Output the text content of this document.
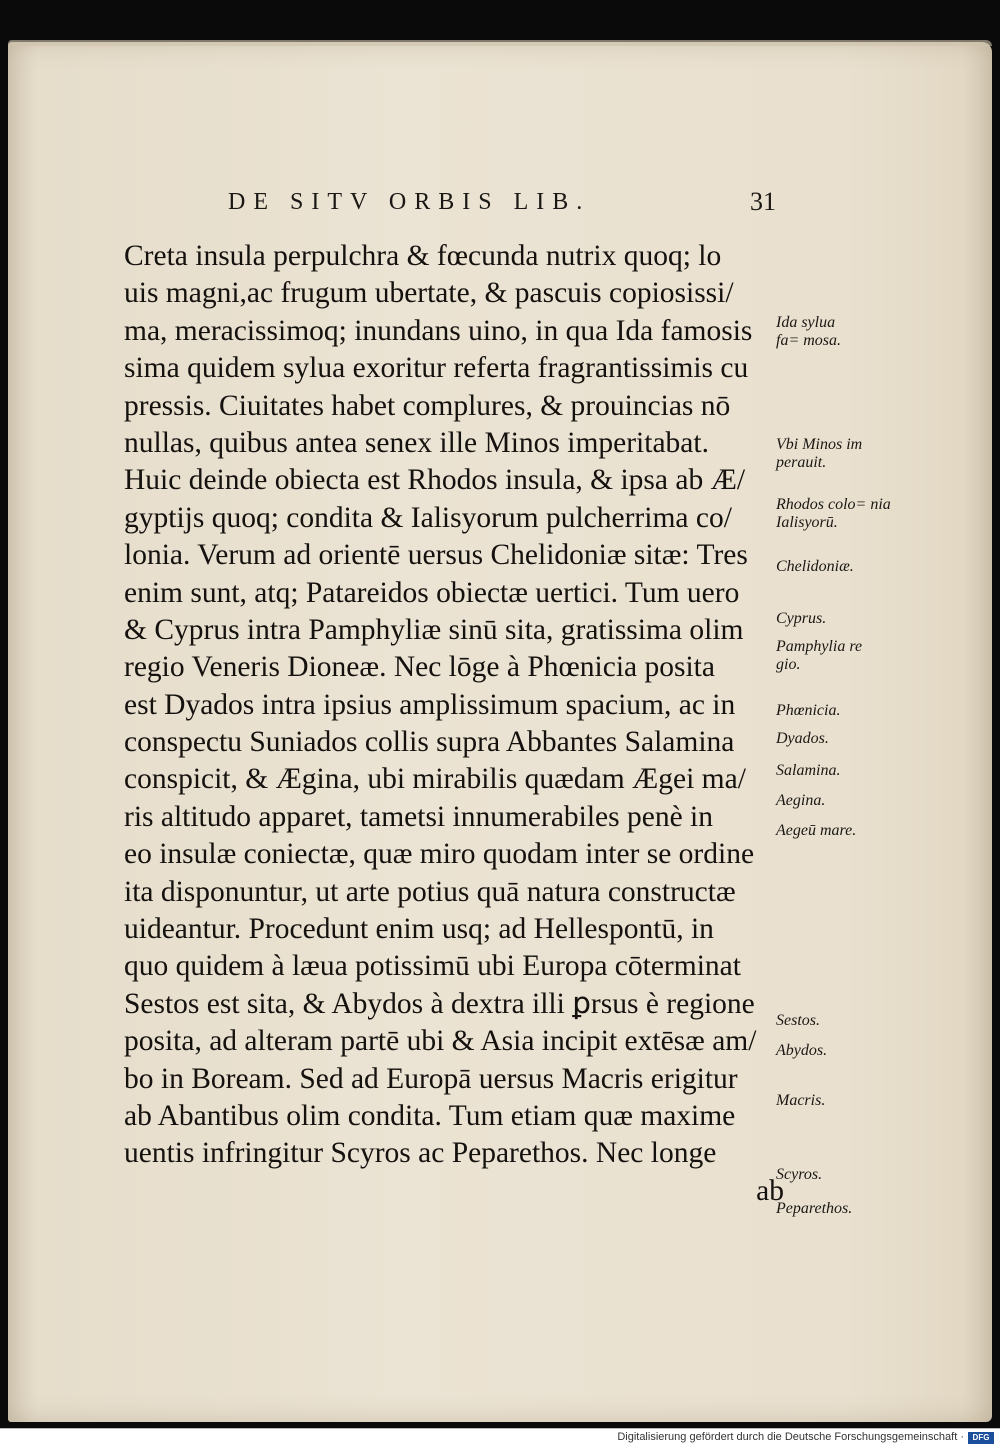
DE SITV ORBIS LIB.	31
Creta insula perpulchra & fœcunda nutrix quoq; lo
uis magni,ac frugum ubertate, & pascuis copiosissi/
ma, meracissimoq; inundans uino, in qua Ida famosis
sima quidem sylua exoritur referta fragrantissimis cu
pressis. Ciuitates habet complures, & prouincias nō
nullas, quibus antea senex ille Minos imperitabat.
Huic deinde obiecta est Rhodos insula, & ipsa ab Æ/
gyptijs quoq; condita & Ialisyorum pulcherrima co/
lonia. Verum ad orientē uersus Chelidoniæ sitæ: Tres
enim sunt, atq; Patareidos obiectæ uertici. Tum uero
& Cyprus intra Pamphyliæ sinū sita, gratissima olim
regio Veneris Dioneæ. Nec lōge à Phœnicia posita
est Dyados intra ipsius amplissimum spacium, ac in
conspectu Suniados collis supra Abbantes Salamina
conspicit, & Ægina, ubi mirabilis quædam Ægei ma/
ris altitudo apparet, tametsi innumerabiles penè in
eo insulæ coniectæ, quæ miro quodam inter se ordine
ita disponuntur, ut arte potius quā natura constructæ
uideantur. Procedunt enim usq; ad Hellespontū, in
quo quidem à læua potissimū ubi Europa cōterminat
Sestos est sita, & Abydos à dextra illi ꝑrsus è regione
posita, ad alteram partē ubi & Asia incipit extēsæ am/
bo in Boream. Sed ad Europā uersus Macris erigitur
ab Abantibus olim condita. Tum etiam quæ maxime
uentis infringitur Scyros ac Peparethos. Nec longe
ab
Ida sylua fa= mosa.
Vbi Minos im perauit.
Rhodos colo= nia Ialisyorū.
Chelidoniæ.
Cyprus.
Pamphylia re gio.
Phœnicia.
Dyados.
Salamina.
Aegina.
Aegeū mare.
Sestos.
Abydos.
Macris.
Scyros.
Peparethos.
Digitalisierung gefördert durch die Deutsche Forschungsgemeinschaft ·	DFG
